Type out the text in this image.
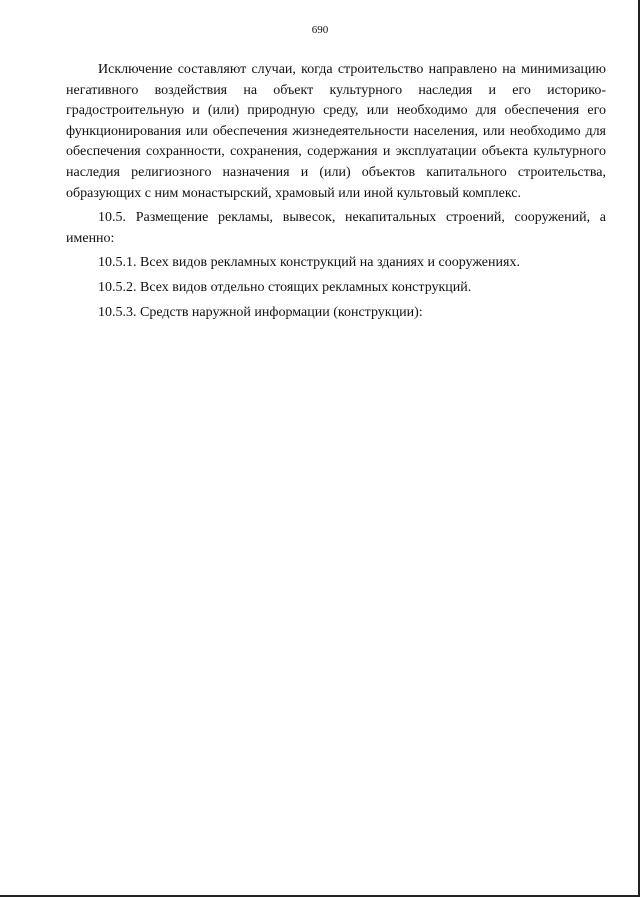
690

Исключение составляют случаи, когда строительство направлено на минимизацию негативного воздействия на объект культурного наследия и его историко-градостроительную и (или) природную среду, или необходимо для обеспечения его функционирования или обеспечения жизнедеятельности населения, или необходимо для обеспечения сохранности, сохранения, содержания и эксплуатации объекта культурного наследия религиозного назначения и (или) объектов капитального строительства, образующих с ним монастырский, храмовый или иной культовый комплекс.

10.5. Размещение рекламы, вывесок, некапитальных строений, сооружений, а именно:

10.5.1. Всех видов рекламных конструкций на зданиях и сооружениях.

10.5.2. Всех видов отдельно стоящих рекламных конструкций.

10.5.3. Средств наружной информации (конструкции):
